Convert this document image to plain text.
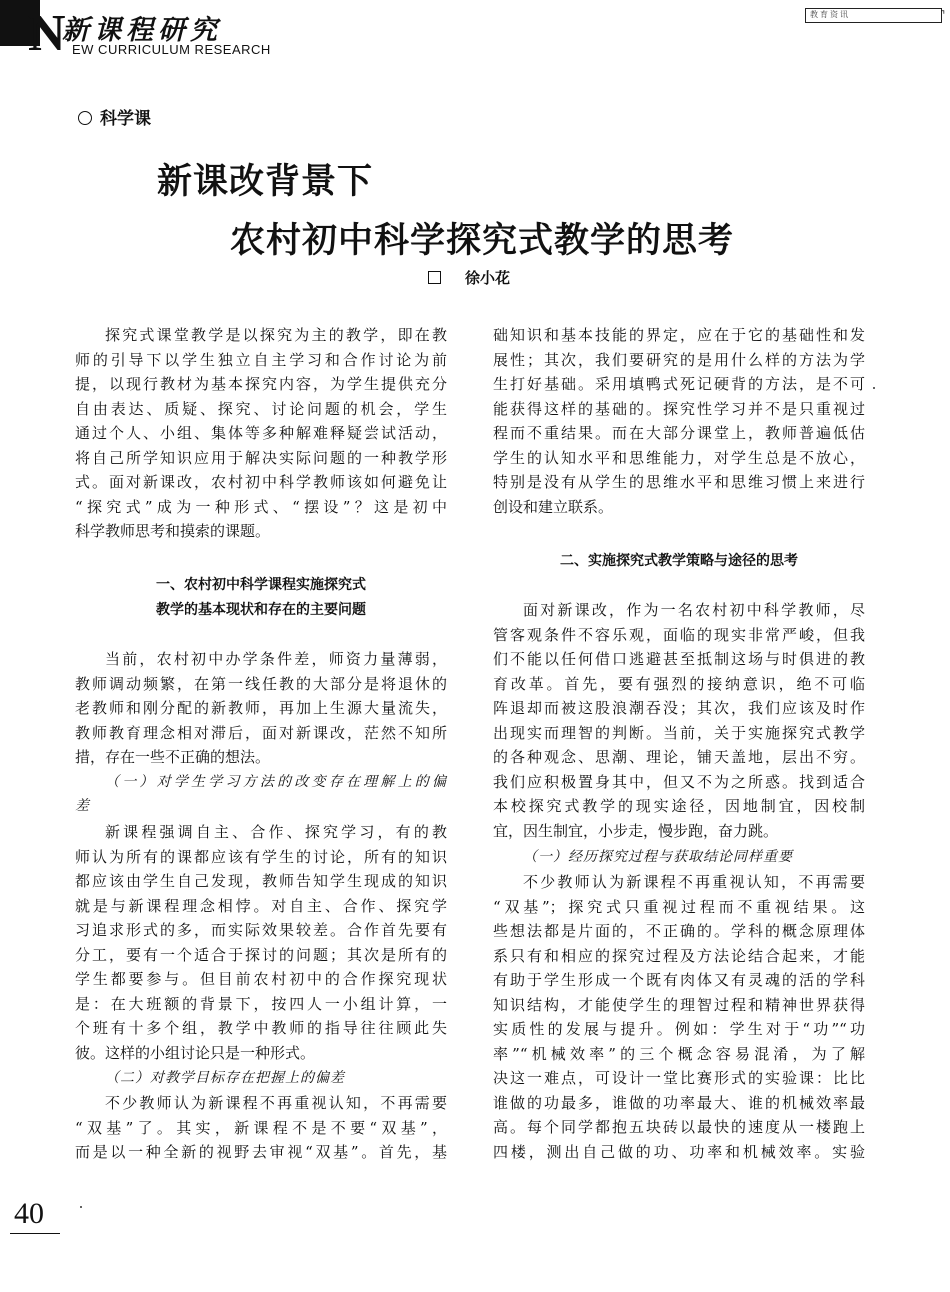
N
新课程研究
EW CURRICULUM RESEARCH
教育资讯	⌝
科学课
新课改背景下
农村初中科学探究式教学的思考
徐小花
探究式课堂教学是以探究为主的教学，即在教
师的引导下以学生独立自主学习和合作讨论为前
提，以现行教材为基本探究内容，为学生提供充分
自由表达、质疑、探究、讨论问题的机会，学生
通过个人、小组、集体等多种解难释疑尝试活动，
将自己所学知识应用于解决实际问题的一种教学形
式。面对新课改，农村初中科学教师该如何避免让
“探究式”成为一种形式、“摆设”？这是初中
科学教师思考和摸索的课题。
一、农村初中科学课程实施探究式
教学的基本现状和存在的主要问题
当前，农村初中办学条件差，师资力量薄弱，
教师调动频繁，在第一线任教的大部分是将退休的
老教师和刚分配的新教师，再加上生源大量流失，
教师教育理念相对滞后，面对新课改，茫然不知所
措，存在一些不正确的想法。
（一）对学生学习方法的改变存在理解上的偏
差
新课程强调自主、合作、探究学习，有的教
师认为所有的课都应该有学生的讨论，所有的知识
都应该由学生自己发现，教师告知学生现成的知识
就是与新课程理念相悖。对自主、合作、探究学
习追求形式的多，而实际效果较差。合作首先要有
分工，要有一个适合于探讨的问题；其次是所有的
学生都要参与。但目前农村初中的合作探究现状
是：在大班额的背景下，按四人一小组计算，一
个班有十多个组，教学中教师的指导往往顾此失
彼。这样的小组讨论只是一种形式。
（二）对教学目标存在把握上的偏差
不少教师认为新课程不再重视认知，不再需要
“双基”了。其实，新课程不是不要“双基”，
而是以一种全新的视野去审视“双基”。首先，基
础知识和基本技能的界定，应在于它的基础性和发
展性；其次，我们要研究的是用什么样的方法为学
生打好基础。采用填鸭式死记硬背的方法，是不可
能获得这样的基础的。探究性学习并不是只重视过
程而不重结果。而在大部分课堂上，教师普遍低估
学生的认知水平和思维能力，对学生总是不放心，
特别是没有从学生的思维水平和思维习惯上来进行
创设和建立联系。
二、实施探究式教学策略与途径的思考
面对新课改，作为一名农村初中科学教师，尽
管客观条件不容乐观，面临的现实非常严峻，但我
们不能以任何借口逃避甚至抵制这场与时俱进的教
育改革。首先，要有强烈的接纳意识，绝不可临
阵退却而被这股浪潮吞没；其次，我们应该及时作
出现实而理智的判断。当前，关于实施探究式教学
的各种观念、思潮、理论，铺天盖地，层出不穷。
我们应积极置身其中，但又不为之所惑。找到适合
本校探究式教学的现实途径，因地制宜，因校制
宜，因生制宜，小步走，慢步跑，奋力跳。
（一）经历探究过程与获取结论同样重要
不少教师认为新课程不再重视认知，不再需要
“双基”；探究式只重视过程而不重视结果。这
些想法都是片面的，不正确的。学科的概念原理体
系只有和相应的探究过程及方法论结合起来，才能
有助于学生形成一个既有肉体又有灵魂的活的学科
知识结构，才能使学生的理智过程和精神世界获得
实质性的发展与提升。例如：学生对于“功”“功
率”“机械效率”的三个概念容易混淆，为了解
决这一难点，可设计一堂比赛形式的实验课：比比
谁做的功最多，谁做的功率最大、谁的机械效率最
高。每个同学都抱五块砖以最快的速度从一楼跑上
四楼，测出自己做的功、功率和机械效率。实验
40
